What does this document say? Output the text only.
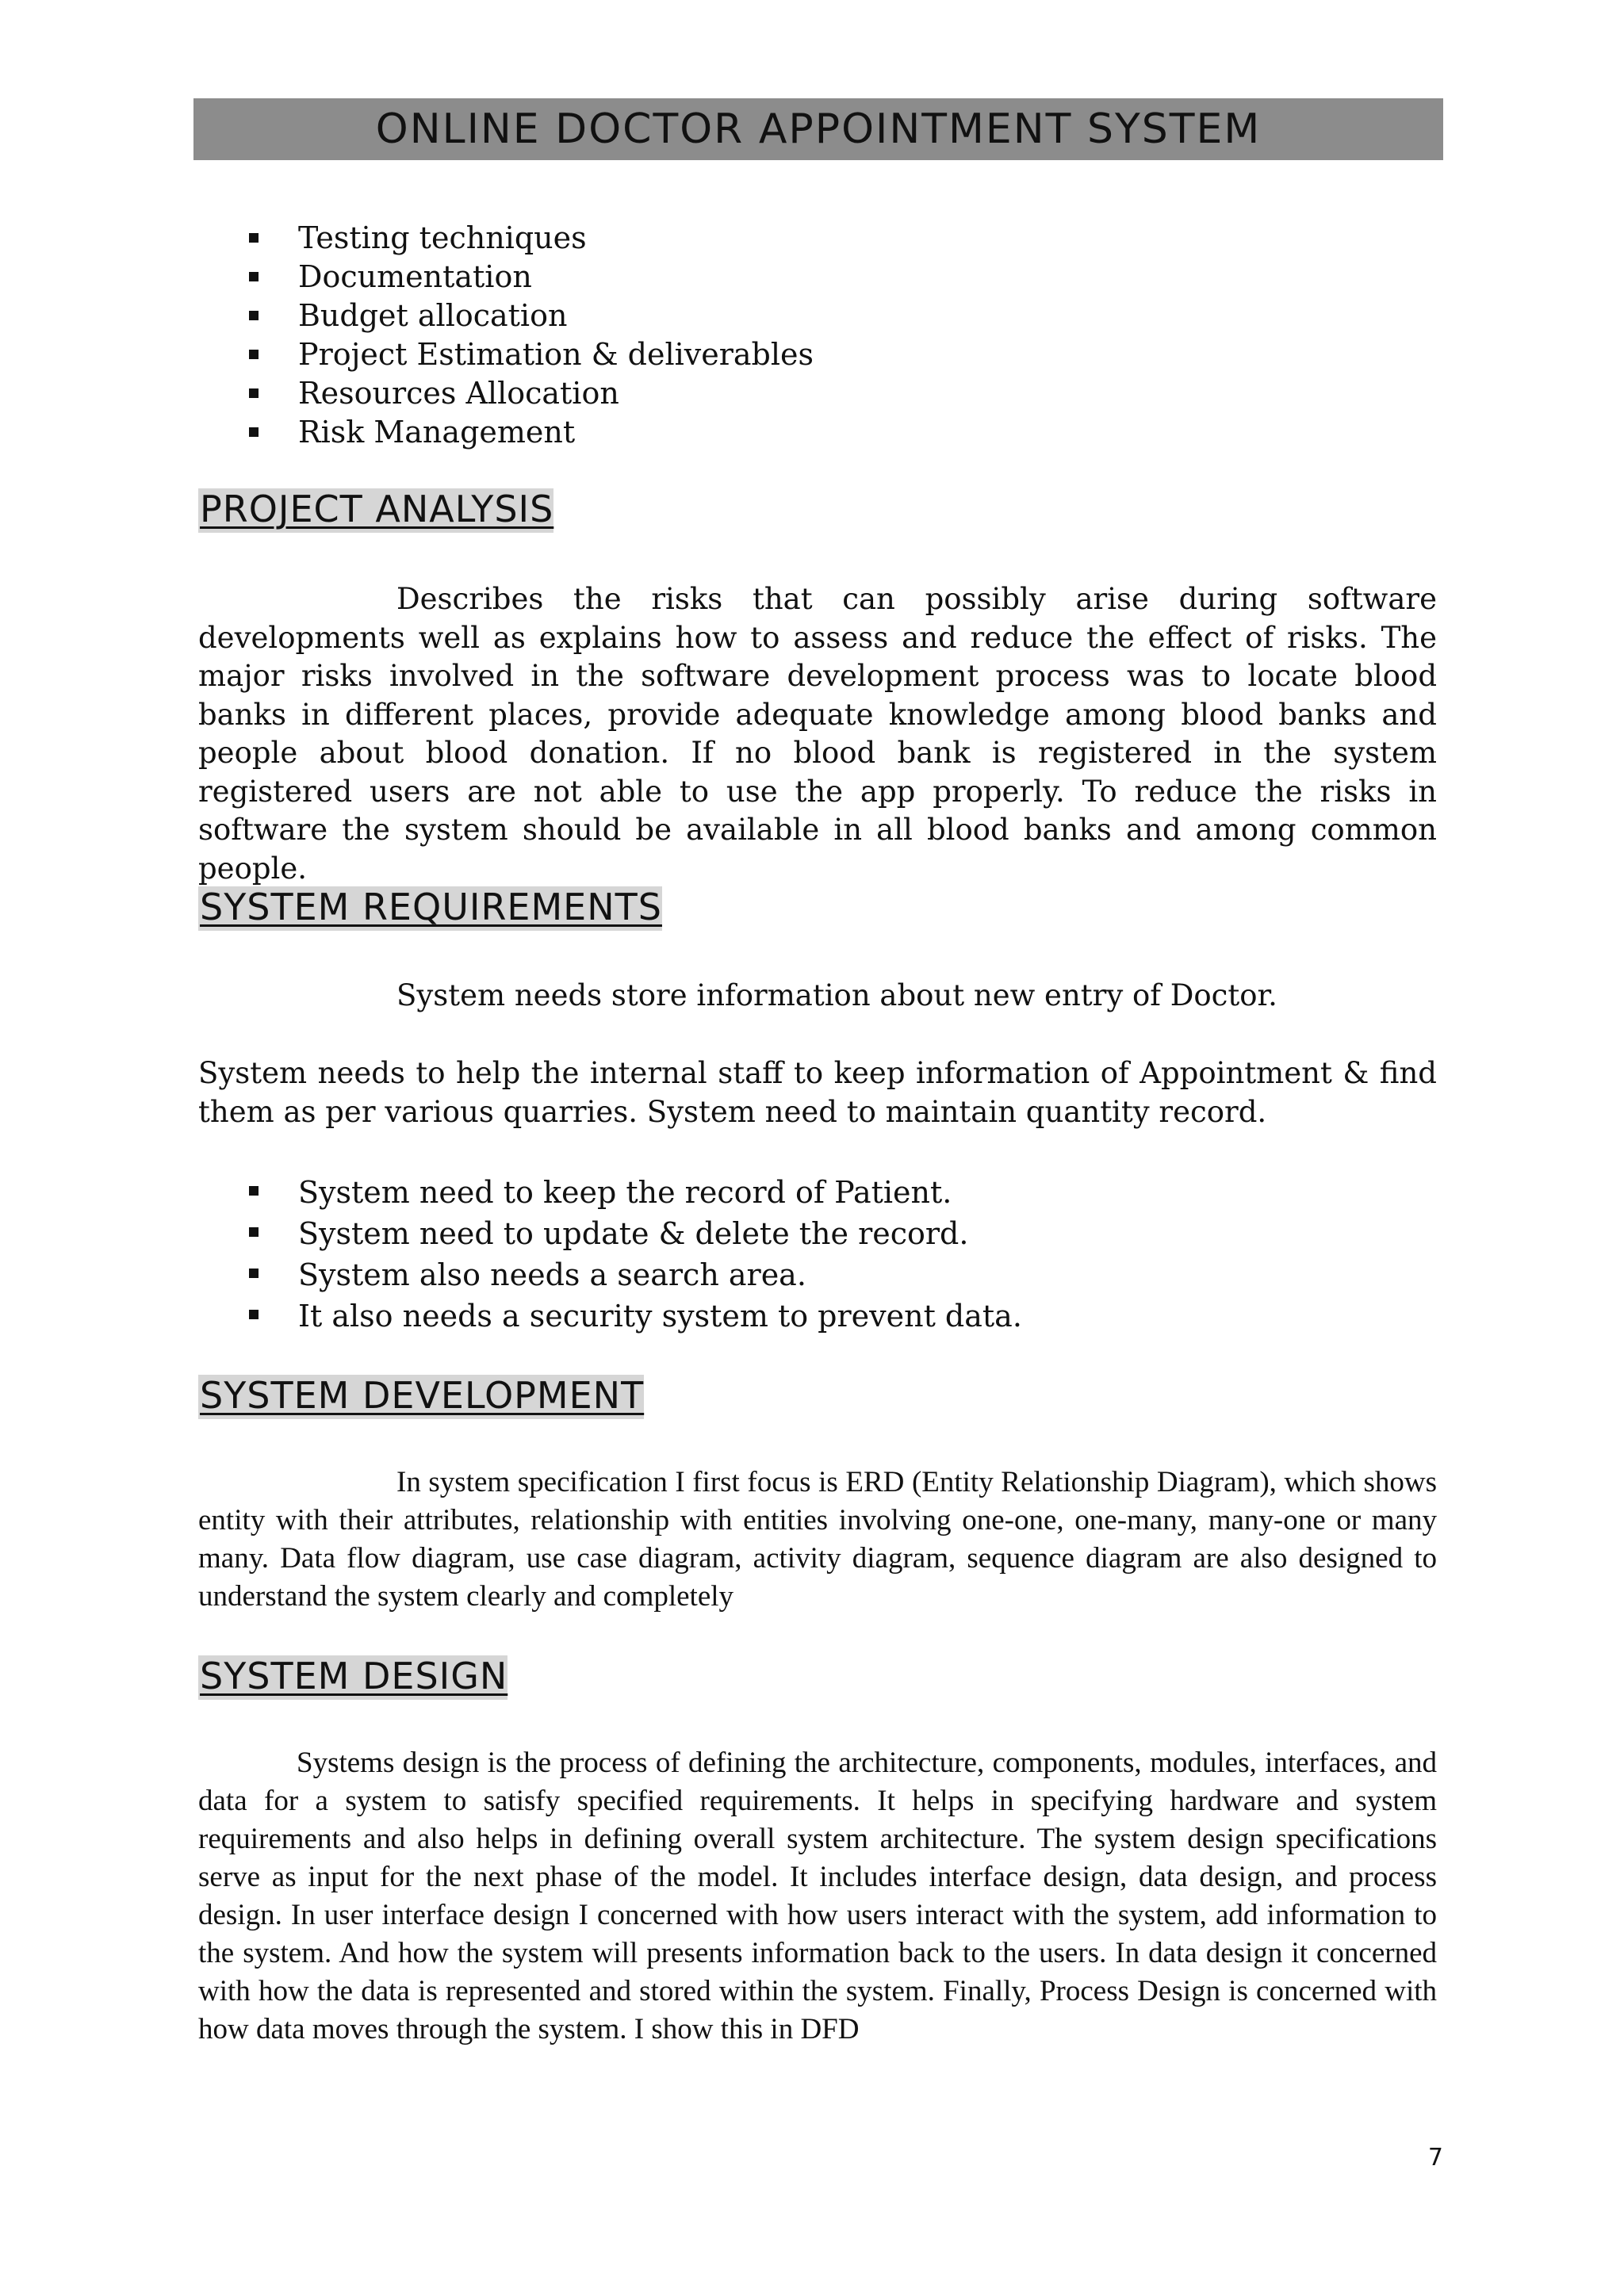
ONLINE DOCTOR APPOINTMENT SYSTEM
Testing techniques
Documentation
Budget allocation
Project Estimation & deliverables
Resources Allocation
Risk Management
PROJECT ANALYSIS

Describes the risks that can possibly arise during software developments well as explains how to assess and reduce the effect of risks. The major risks involved in the software development process was to locate blood banks in different places, provide adequate knowledge among blood banks and people about blood donation. If no blood bank is registered in the system registered users are not able to use the app properly. To reduce the risks in software the system should be available in all blood banks and among common people.

SYSTEM REQUIREMENTS

System needs store information about new entry of Doctor.

System needs to help the internal staff to keep information of Appointment & find them as per various quarries. System need to maintain quantity record.

System need to keep the record of Patient.
System need to update & delete the record.
System also needs a search area.
It also needs a security system to prevent data.
SYSTEM DEVELOPMENT

In system specification I first focus is ERD (Entity Relationship Diagram), which shows entity with their attributes, relationship with entities involving one-one, one-many, many-one or many many. Data flow diagram, use case diagram, activity diagram, sequence diagram are also designed to understand the system clearly and completely

SYSTEM DESIGN

Systems design is the process of defining the architecture, components, modules, interfaces, and data for a system to satisfy specified requirements. It helps in specifying hardware and system requirements and also helps in defining overall system architecture. The system design specifications serve as input for the next phase of the model. It includes interface design, data design, and process design. In user interface design I concerned with how users interact with the system, add information to the system. And how the system will presents information back to the users. In data design it concerned with how the data is represented and stored within the system. Finally, Process Design is concerned with how data moves through the system. I show this in DFD

7
